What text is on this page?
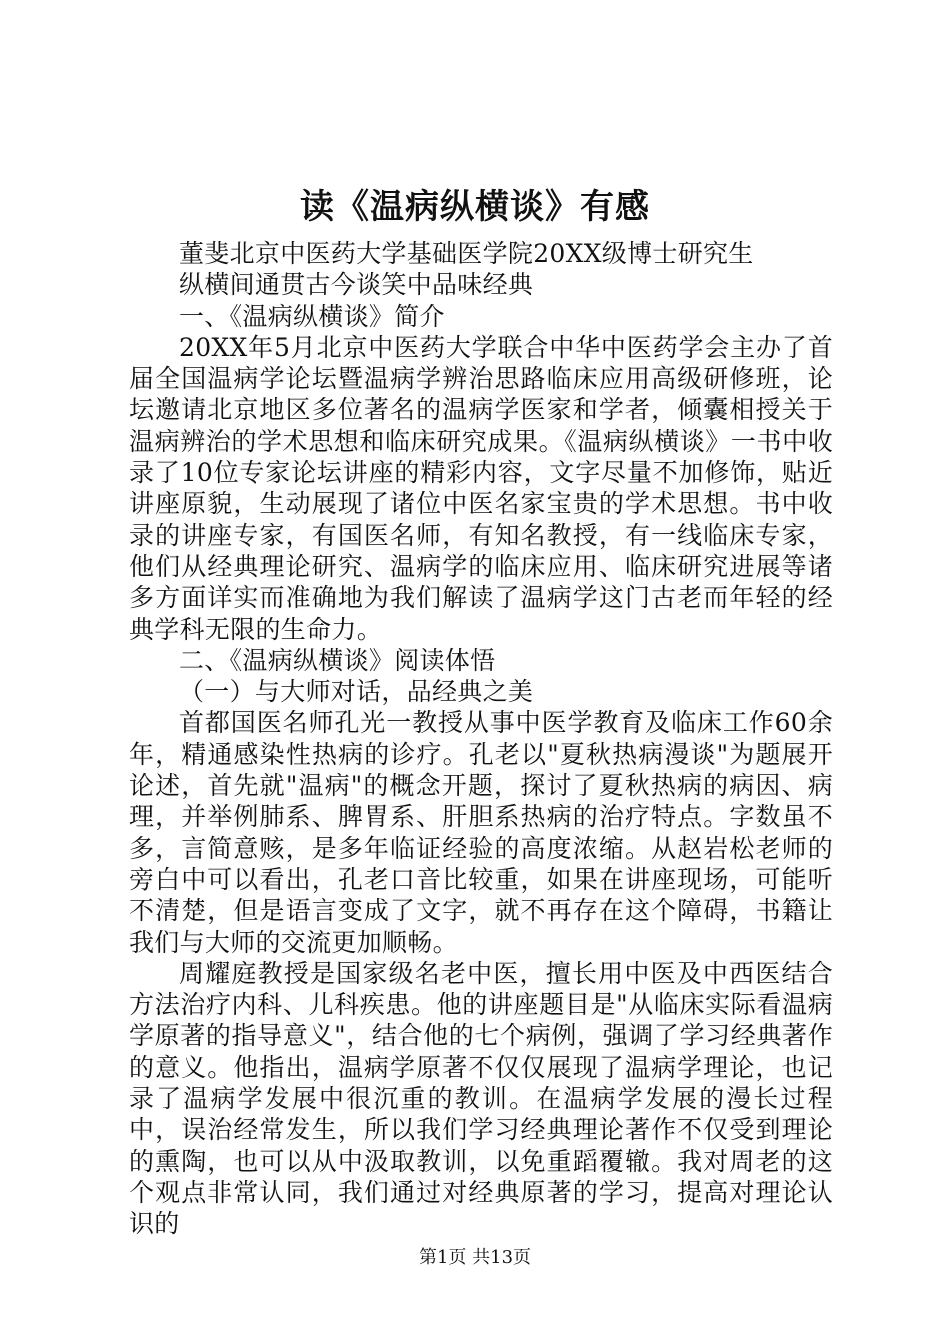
读《温病纵横谈》有感

董斐北京中医药大学基础医学院20XX级博士研究生

纵横间通贯古今谈笑中品味经典

一、《温病纵横谈》简介

20XX年5月北京中医药大学联合中华中医药学会主办了首届全国温病学论坛暨温病学辨治思路临床应用高级研修班，论坛邀请北京地区多位著名的温病学医家和学者，倾囊相授关于温病辨治的学术思想和临床研究成果。《温病纵横谈》一书中收录了10位专家论坛讲座的精彩内容，文字尽量不加修饰，贴近讲座原貌，生动展现了诸位中医名家宝贵的学术思想。书中收录的讲座专家，有国医名师，有知名教授，有一线临床专家，他们从经典理论研究、温病学的临床应用、临床研究进展等诸多方面详实而准确地为我们解读了温病学这门古老而年轻的经典学科无限的生命力。

二、《温病纵横谈》阅读体悟

（一）与大师对话，品经典之美

首都国医名师孔光一教授从事中医学教育及临床工作60余年，精通感染性热病的诊疗。孔老以"夏秋热病漫谈"为题展开论述，首先就"温病"的概念开题，探讨了夏秋热病的病因、病理，并举例肺系、脾胃系、肝胆系热病的治疗特点。字数虽不多，言简意赅，是多年临证经验的高度浓缩。从赵岩松老师的旁白中可以看出，孔老口音比较重，如果在讲座现场，可能听不清楚，但是语言变成了文字，就不再存在这个障碍，书籍让我们与大师的交流更加顺畅。

周耀庭教授是国家级名老中医，擅长用中医及中西医结合方法治疗内科、儿科疾患。他的讲座题目是"从临床实际看温病学原著的指导意义"，结合他的七个病例，强调了学习经典著作的意义。他指出，温病学原著不仅仅展现了温病学理论，也记录了温病学发展中很沉重的教训。在温病学发展的漫长过程中，误治经常发生，所以我们学习经典理论著作不仅受到理论的熏陶，也可以从中汲取教训，以免重蹈覆辙。我对周老的这个观点非常认同，我们通过对经典原著的学习，提高对理论认识的

第1页 共13页
